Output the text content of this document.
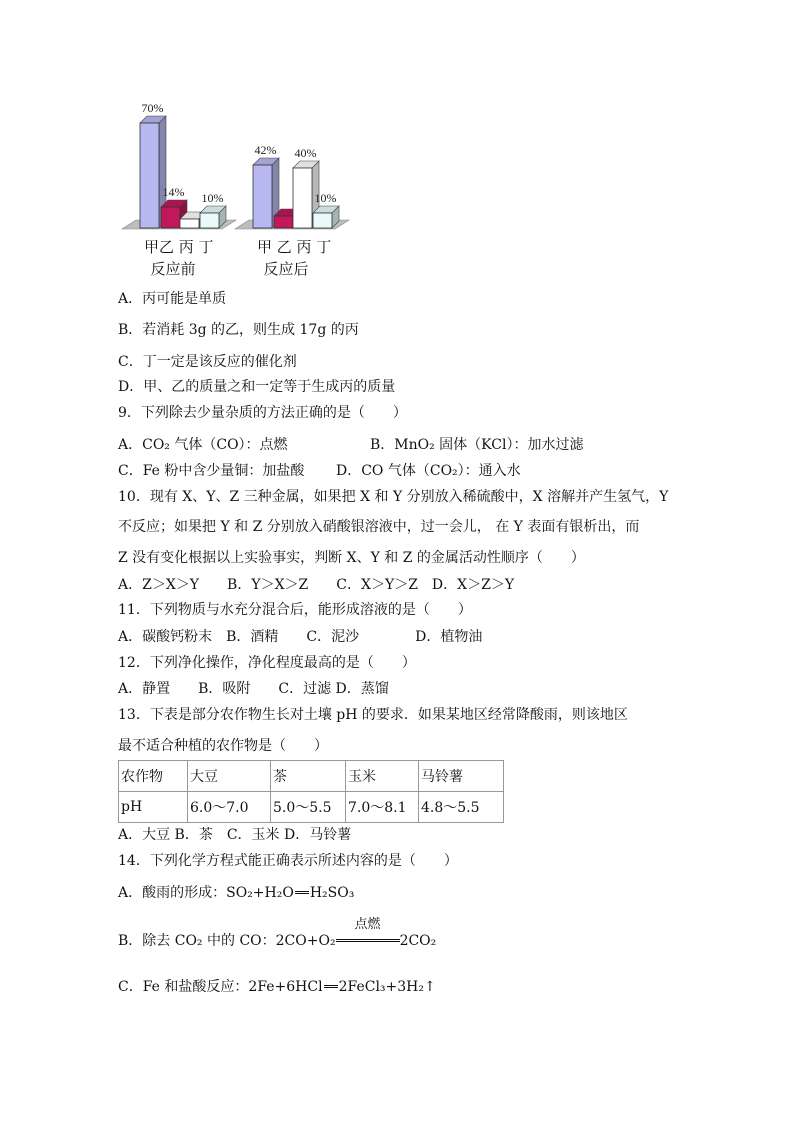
70%
14% 10%
甲乙 丙 丁
反应前
42% 40%
10%
甲 乙 丙 丁
反应后
A．丙可能是单质
B．若消耗 3g 的乙，则生成 17g 的丙
C．丁一定是该反应的催化剂
D．甲、乙的质量之和一定等于生成丙的质量
9．下列除去少量杂质的方法正确的是（　　）
A．CO₂ 气体（CO）：点燃	B．MnO₂ 固体（KCl）：加水过滤
C．Fe 粉中含少量铜：加盐酸 D．CO 气体（CO₂）：通入水
10．现有 X、Y、Z 三种金属，如果把 X 和 Y 分别放入稀硫酸中，X 溶解并产生氢气，Y
不反应；如果把 Y 和 Z 分别放入硝酸银溶液中，过一会儿， 在 Y 表面有银析出，而
Z 没有变化根据以上实验事实，判断 X、Y 和 Z 的金属活动性顺序（　　）
A．Z＞X＞Y　　B．Y＞X＞Z　　C．X＞Y＞Z　D．X＞Z＞Y
11．下列物质与水充分混合后，能形成溶液的是（　　）
A．碳酸钙粉末　B．酒精　　C．泥沙　　　　D．植物油
12．下列净化操作，净化程度最高的是（　　）
A．静置　　B．吸附　　C．过滤 D．蒸馏
13．下表是部分农作物生长对土壤 pH 的要求．如果某地区经常降酸雨，则该地区
最不适合种植的农作物是（　　）
农作物	大豆	茶	玉米	马铃薯
pH	6.0～7.0	5.0～5.5	7.0～8.1	4.8～5.5
A．大豆 B．茶　C．玉米 D．马铃薯
14．下列化学方程式能正确表示所述内容的是（　　）
A．酸雨的形成：SO₂+H₂O H₂SO₃
B．除去 CO₂ 中的 CO：2CO+O₂
点燃
2CO₂
C．Fe 和盐酸反应：2Fe+6HCl 2FeCl₃+3H₂↑
